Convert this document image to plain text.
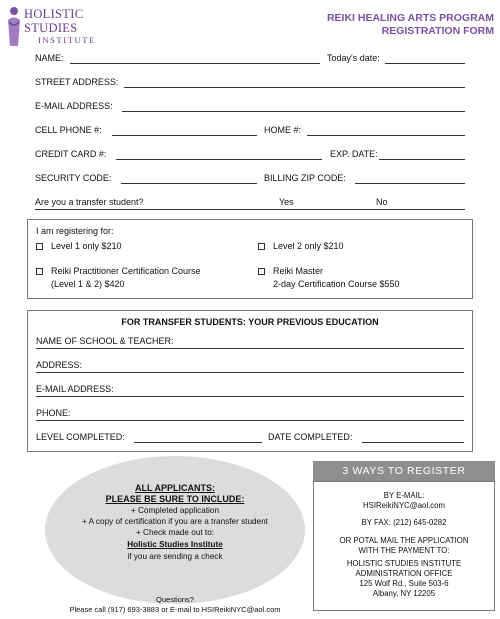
HOLISTIC
STUDIES
INSTITUTE
REIKI HEALING ARTS PROGRAM
REGISTRATION FORM
NAME:	Today's date:
STREET ADDRESS:
E-MAIL ADDRESS:
CELL PHONE #:	HOME #:
CREDIT CARD #:	EXP. DATE:
SECURITY CODE:	BILLING ZIP CODE:
Are you a transfer student?	Yes	No
I am registering for:
Level 1 only $210	Level 2 only $210
Reiki Practitioner Certification Course
(Level 1 & 2) $420
Reiki Master
2-day Certification Course $550
FOR TRANSFER STUDENTS: YOUR PREVIOUS EDUCATION
NAME OF SCHOOL & TEACHER:
ADDRESS:
E-MAIL ADDRESS:
PHONE:
LEVEL COMPLETED:	DATE COMPLETED:
ALL APPLICANTS:
PLEASE BE SURE TO INCLUDE:
+ Completed application
+ A copy of certification if you are a transfer student
+ Check made out to:
Holistic Studies Institute
if you are sending a check
3 WAYS TO REGISTER
BY E-MAIL:
HSIReikiNYC@aol.com
BY FAX: (212) 645-0282
OR POTAL MAIL THE APPLICATION
WITH THE PAYMENT TO:
HOLISTIC STUDIES INSTITUTE
ADMINISTRATION OFFICE
125 Wolf Rd., Suite 503-6
Albany, NY 12205
Questions?
Please call (917) 693-3883 or E-mail to HSIReikiNYC@aol.com
